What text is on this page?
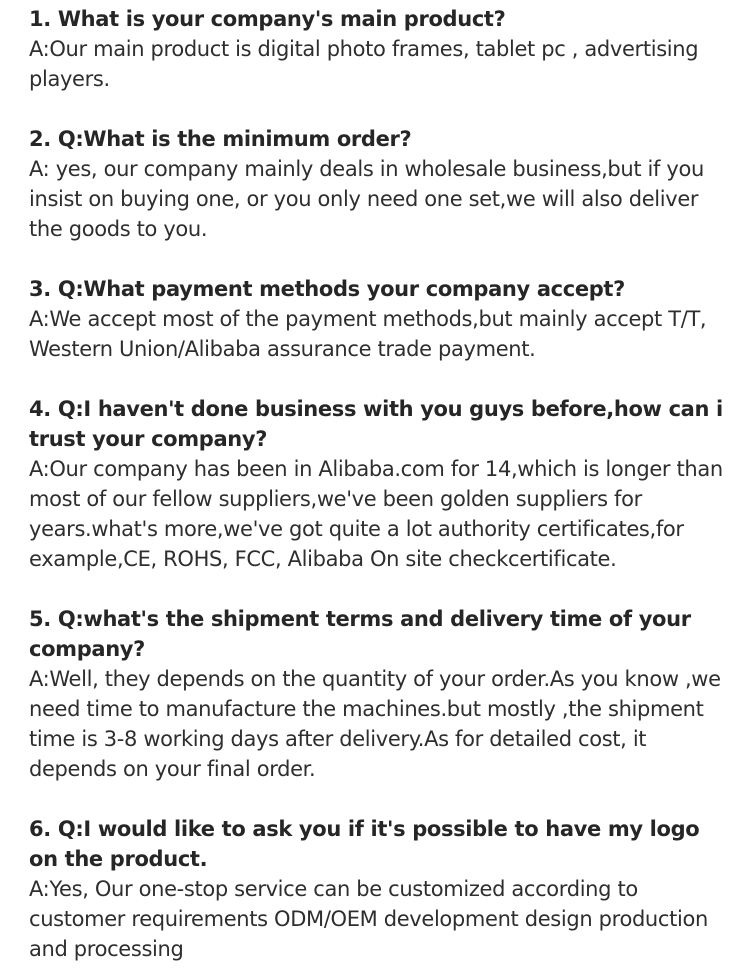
1. What is your company's main product?

A:Our main product is digital photo frames, tablet pc , advertising players.

2. Q:What is the minimum order?

A: yes, our company mainly deals in wholesale business,but if you insist on buying one, or you only need one set,we will also deliver the goods to you.

3. Q:What payment methods your company accept?

A:We accept most of the payment methods,but mainly accept T/T, Western Union/Alibaba assurance trade payment.

4. Q:I haven't done business with you guys before,how can i trust your company?

A:Our company has been in Alibaba.com for 14,which is longer than most of our fellow suppliers,we've been golden suppliers for years.what's more,we've got quite a lot authority certificates,for example,CE, ROHS, FCC, Alibaba On site checkcertificate.

5. Q:what's the shipment terms and delivery time of your company?

A:Well, they depends on the quantity of your order.As you know ,we need time to manufacture the machines.but mostly ,the shipment time is 3-8 working days after delivery.As for detailed cost, it depends on your final order.

6. Q:I would like to ask you if it's possible to have my logo on the product.

A:Yes, Our one-stop service can be customized according to customer requirements ODM/OEM development design production and processing
